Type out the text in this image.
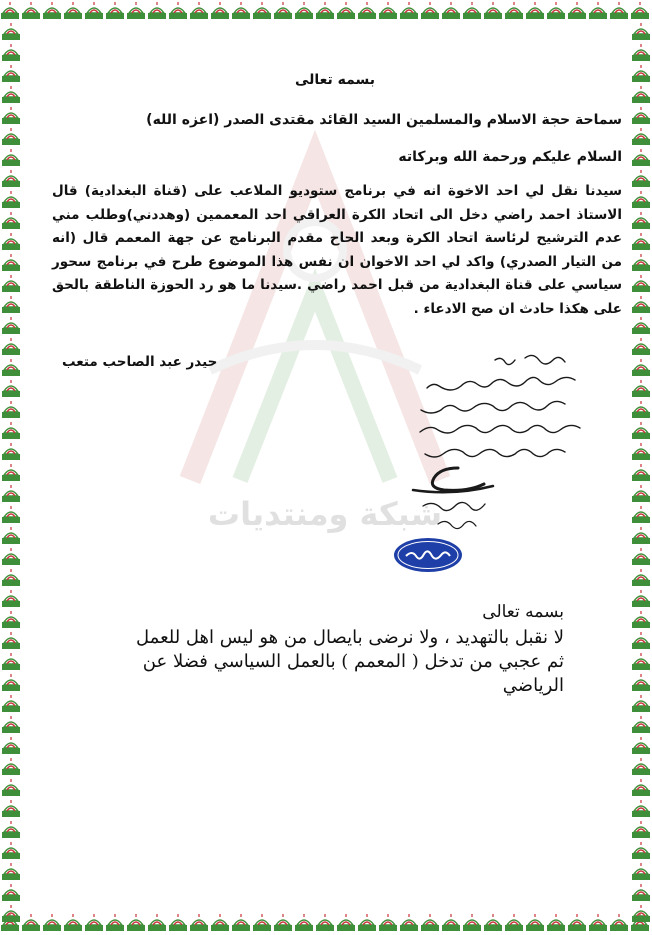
شبكة ومنتديات
بسمه تعالى
سماحة حجة الاسلام والمسلمين السيد القائد مقتدى الصدر (اعزه الله)
السلام عليكم ورحمة الله وبركاته
سيدنا نقل لي احد الاخوة انه في برنامج ستوديو الملاعب على (قناة البغدادية) قال الاستاذ احمد راضي دخل الى اتحاد الكرة العراقي احد المعممين (وهددني)وطلب مني عدم الترشيح لرئاسة اتحاد الكرة وبعد الحاح مقدم البرنامج عن جهة المعمم قال (انه من التيار الصدري) واكد لي احد الاخوان ان نفس هذا الموضوع طرح في برنامج سحور سياسي على قناة البغدادية من قبل احمد راضي .سيدنا ما هو رد الحوزة الناطقة بالحق على هكذا حادث ان صح الادعاء .
حيدر عبد الصاحب متعب
بسمه تعالى
لا نقبل بالتهديد ، ولا نرضى بايصال من هو ليس اهل للعمل
ثم عجبي من تدخل ( المعمم ) بالعمل السياسي فضلا عن
الرياضي
